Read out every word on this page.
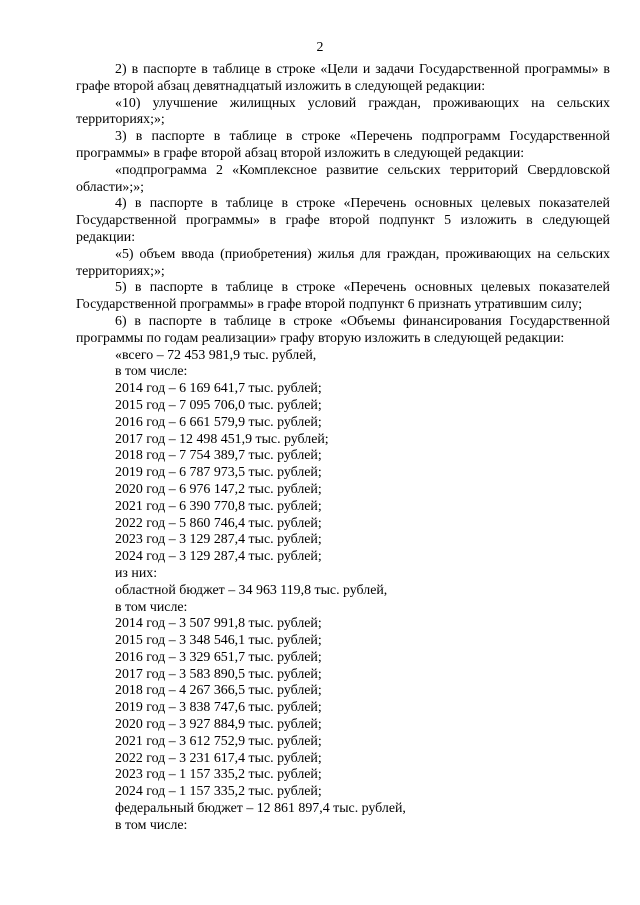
2

2) в паспорте в таблице в строке «Цели и задачи Государственной программы» в графе второй абзац девятнадцатый изложить в следующей редакции:

«10) улучшение жилищных условий граждан, проживающих на сельских территориях;»;

3) в паспорте в таблице в строке «Перечень подпрограмм Государственной программы» в графе второй абзац второй изложить в следующей редакции:

«подпрограмма 2 «Комплексное развитие сельских территорий Свердловской области»;»;

4) в паспорте в таблице в строке «Перечень основных целевых показателей Государственной программы» в графе второй подпункт 5 изложить в следующей редакции:

«5) объем ввода (приобретения) жилья для граждан, проживающих на сельских территориях;»;

5) в паспорте в таблице в строке «Перечень основных целевых показателей Государственной программы» в графе второй подпункт 6 признать утратившим силу;

6) в паспорте в таблице в строке «Объемы финансирования Государственной программы по годам реализации» графу вторую изложить в следующей редакции:

«всего – 72 453 981,9 тыс. рублей,

в том числе:

2014 год – 6 169 641,7 тыс. рублей;

2015 год – 7 095 706,0 тыс. рублей;

2016 год – 6 661 579,9 тыс. рублей;

2017 год – 12 498 451,9 тыс. рублей;

2018 год – 7 754 389,7 тыс. рублей;

2019 год – 6 787 973,5 тыс. рублей;

2020 год – 6 976 147,2 тыс. рублей;

2021 год – 6 390 770,8 тыс. рублей;

2022 год – 5 860 746,4 тыс. рублей;

2023 год – 3 129 287,4 тыс. рублей;

2024 год – 3 129 287,4 тыс. рублей;

из них:

областной бюджет – 34 963 119,8 тыс. рублей,

в том числе:

2014 год – 3 507 991,8 тыс. рублей;

2015 год – 3 348 546,1 тыс. рублей;

2016 год – 3 329 651,7 тыс. рублей;

2017 год – 3 583 890,5 тыс. рублей;

2018 год – 4 267 366,5 тыс. рублей;

2019 год – 3 838 747,6 тыс. рублей;

2020 год – 3 927 884,9 тыс. рублей;

2021 год – 3 612 752,9 тыс. рублей;

2022 год – 3 231 617,4 тыс. рублей;

2023 год – 1 157 335,2 тыс. рублей;

2024 год – 1 157 335,2 тыс. рублей;

федеральный бюджет – 12 861 897,4 тыс. рублей,

в том числе:
